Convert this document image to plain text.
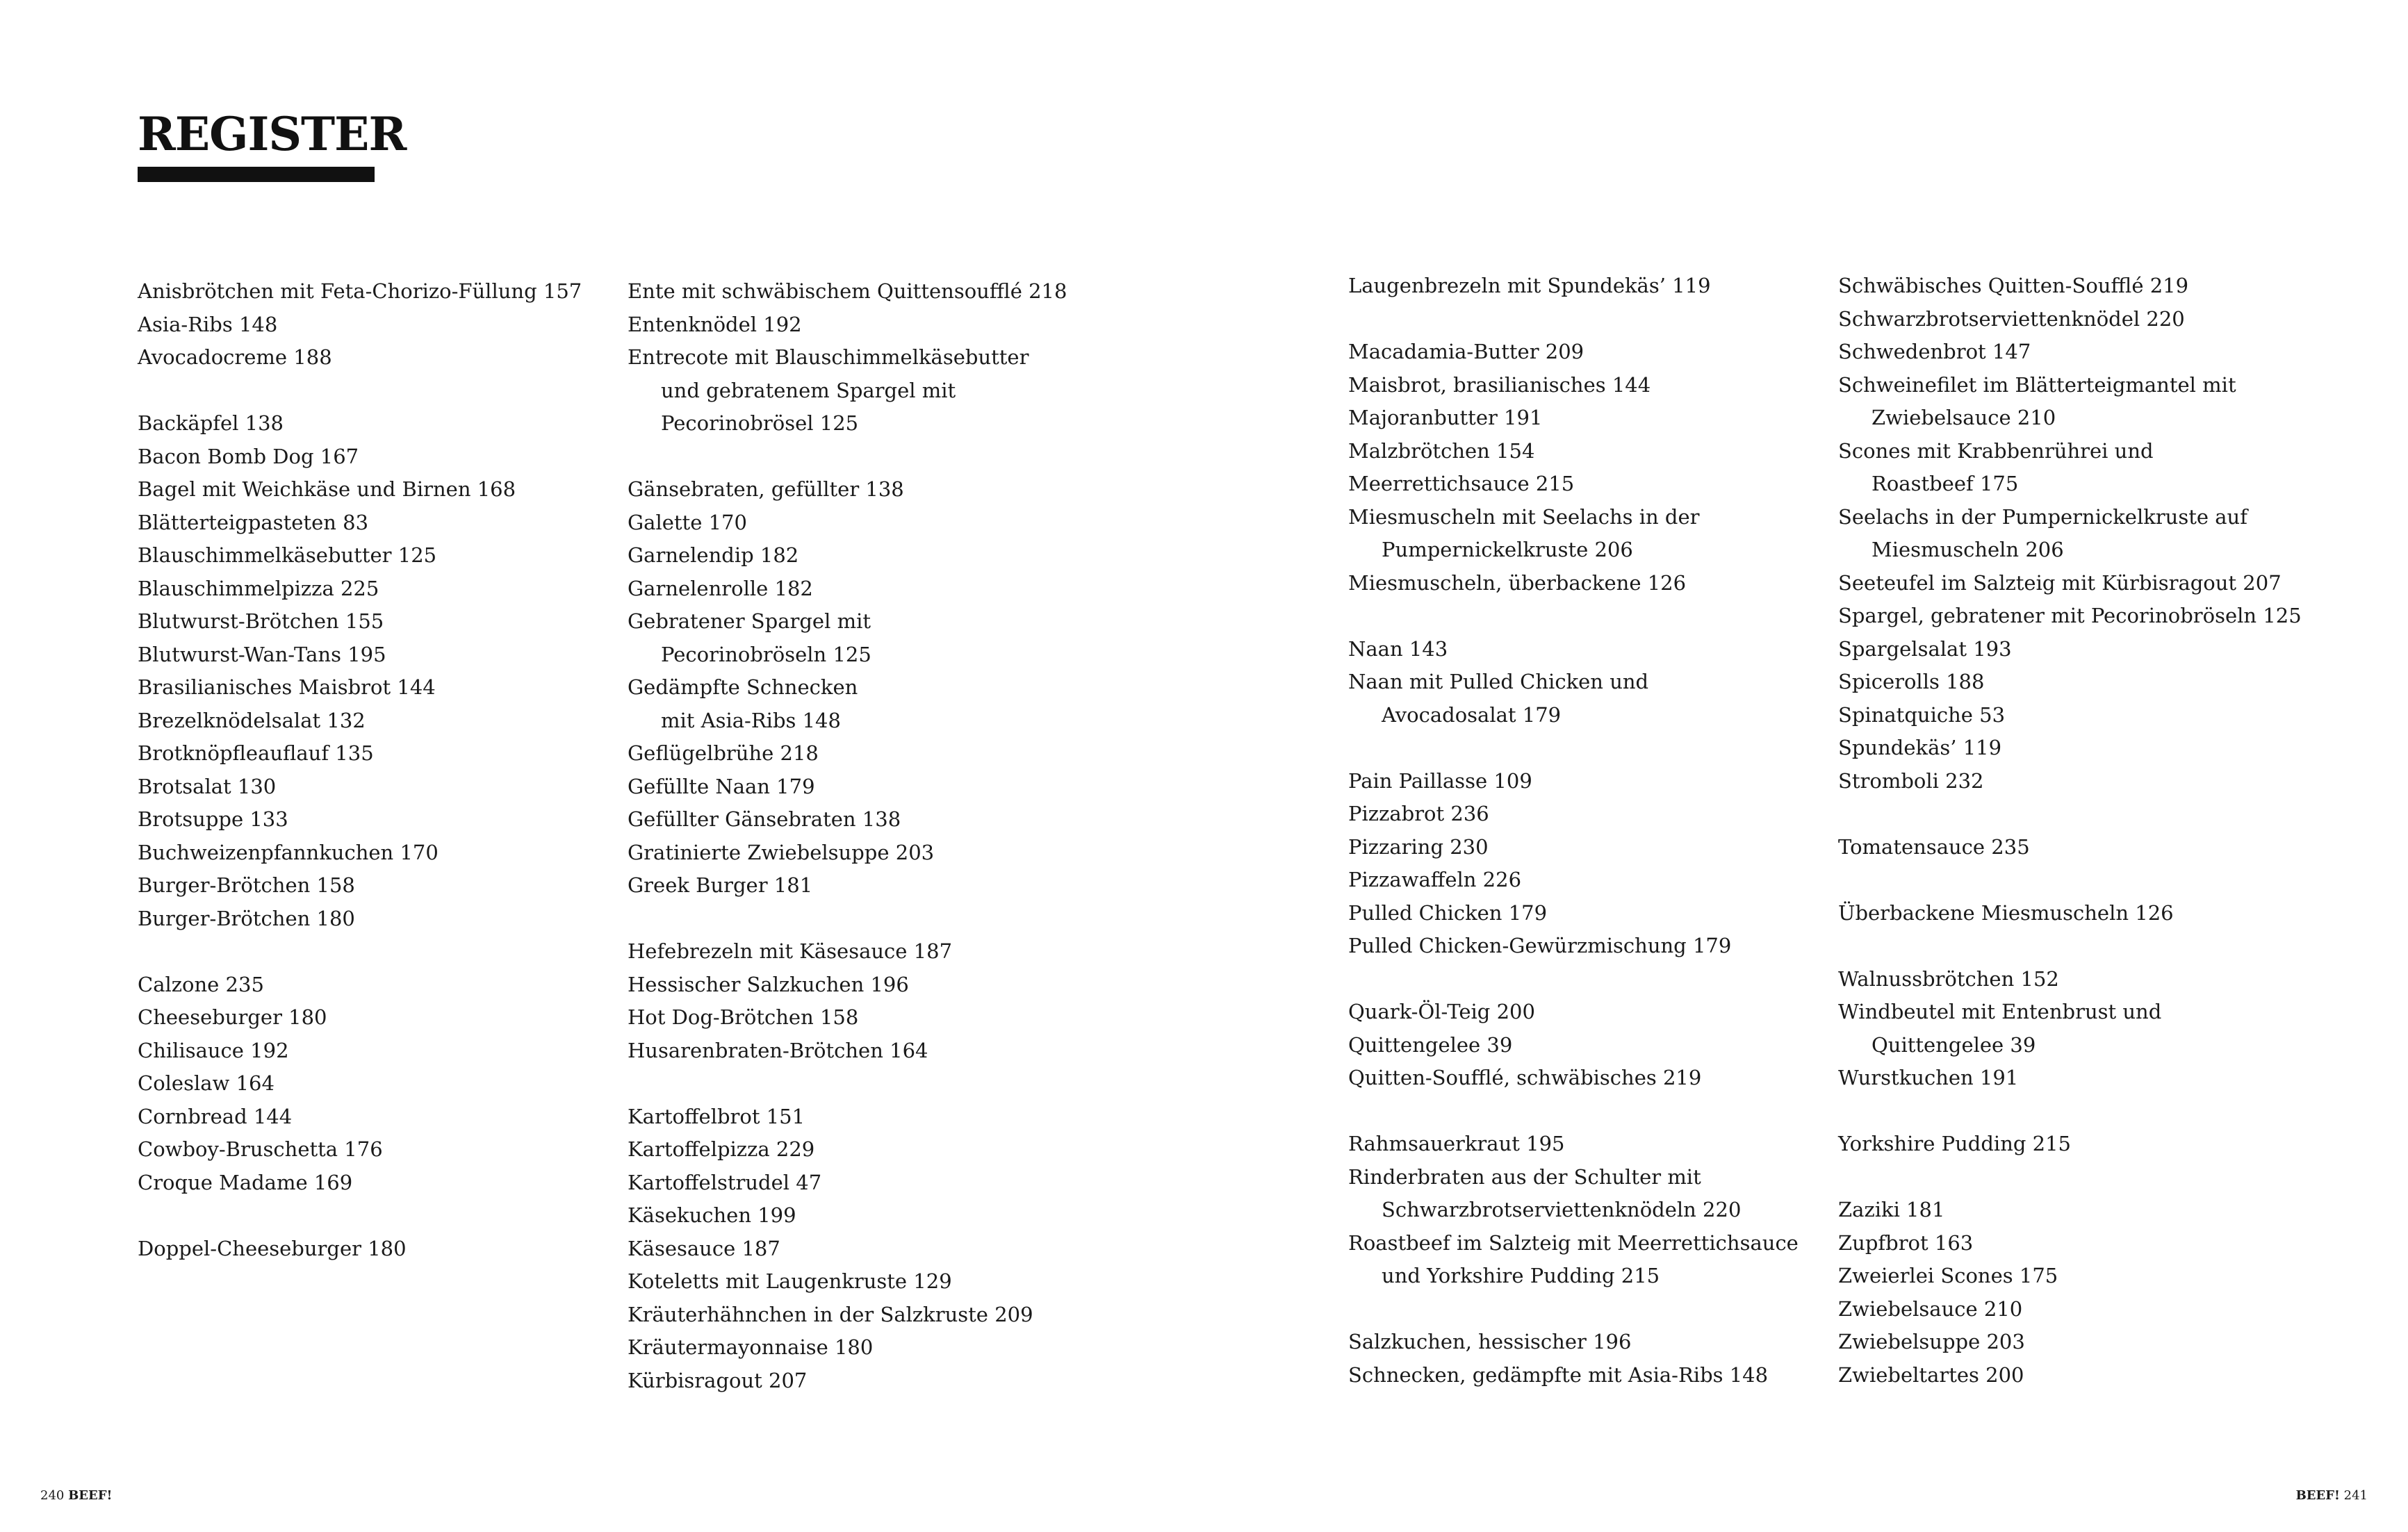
REGISTER
Anisbrötchen mit Feta-Chorizo-Füllung 157
Asia-Ribs 148
Avocadocreme 188
Backäpfel 138
Bacon Bomb Dog 167
Bagel mit Weichkäse und Birnen 168
Blätterteigpasteten 83
Blauschimmelkäsebutter 125
Blauschimmelpizza 225
Blutwurst-Brötchen 155
Blutwurst-Wan-Tans 195
Brasilianisches Maisbrot 144
Brezelknödelsalat 132
Brotknöpfleauflauf 135
Brotsalat 130
Brotsuppe 133
Buchweizenpfannkuchen 170
Burger-Brötchen 158
Burger-Brötchen 180
Calzone 235
Cheeseburger 180
Chilisauce 192
Coleslaw 164
Cornbread 144
Cowboy-Bruschetta 176
Croque Madame 169
Doppel-Cheeseburger 180
Ente mit schwäbischem Quittensoufflé 218
Entenknödel 192
Entrecote mit Blauschimmelkäsebutter
und gebratenem Spargel mit
Pecorinobrösel 125
Gänsebraten, gefüllter 138
Galette 170
Garnelendip 182
Garnelenrolle 182
Gebratener Spargel mit
Pecorinobröseln 125
Gedämpfte Schnecken
mit Asia-Ribs 148
Geflügelbrühe 218
Gefüllte Naan 179
Gefüllter Gänsebraten 138
Gratinierte Zwiebelsuppe 203
Greek Burger 181
Hefebrezeln mit Käsesauce 187
Hessischer Salzkuchen 196
Hot Dog-Brötchen 158
Husarenbraten-Brötchen 164
Kartoffelbrot 151
Kartoffelpizza 229
Kartoffelstrudel 47
Käsekuchen 199
Käsesauce 187
Koteletts mit Laugenkruste 129
Kräuterhähnchen in der Salzkruste 209
Kräutermayonnaise 180
Kürbisragout 207
Laugenbrezeln mit Spundekäs’ 119
Macadamia-Butter 209
Maisbrot, brasilianisches 144
Majoranbutter 191
Malzbrötchen 154
Meerrettichsauce 215
Miesmuscheln mit Seelachs in der
Pumpernickelkruste 206
Miesmuscheln, überbackene 126
Naan 143
Naan mit Pulled Chicken und
Avocadosalat 179
Pain Paillasse 109
Pizzabrot 236
Pizzaring 230
Pizzawaffeln 226
Pulled Chicken 179
Pulled Chicken-Gewürzmischung 179
Quark-Öl-Teig 200
Quittengelee 39
Quitten-Soufflé, schwäbisches 219
Rahmsauerkraut 195
Rinderbraten aus der Schulter mit
Schwarzbrotserviettenknödeln 220
Roastbeef im Salzteig mit Meerrettichsauce
und Yorkshire Pudding 215
Salzkuchen, hessischer 196
Schnecken, gedämpfte mit Asia-Ribs 148
Schwäbisches Quitten-Soufflé 219
Schwarzbrotserviettenknödel 220
Schwedenbrot 147
Schweinefilet im Blätterteigmantel mit
Zwiebelsauce 210
Scones mit Krabbenrührei und
Roastbeef 175
Seelachs in der Pumpernickelkruste auf
Miesmuscheln 206
Seeteufel im Salzteig mit Kürbisragout 207
Spargel, gebratener mit Pecorinobröseln 125
Spargelsalat 193
Spicerolls 188
Spinatquiche 53
Spundekäs’ 119
Stromboli 232
Tomatensauce 235
Überbackene Miesmuscheln 126
Walnussbrötchen 152
Windbeutel mit Entenbrust und
Quittengelee 39
Wurstkuchen 191
Yorkshire Pudding 215
Zaziki 181
Zupfbrot 163
Zweierlei Scones 175
Zwiebelsauce 210
Zwiebelsuppe 203
Zwiebeltartes 200
240 BEEF!	BEEF! 241
